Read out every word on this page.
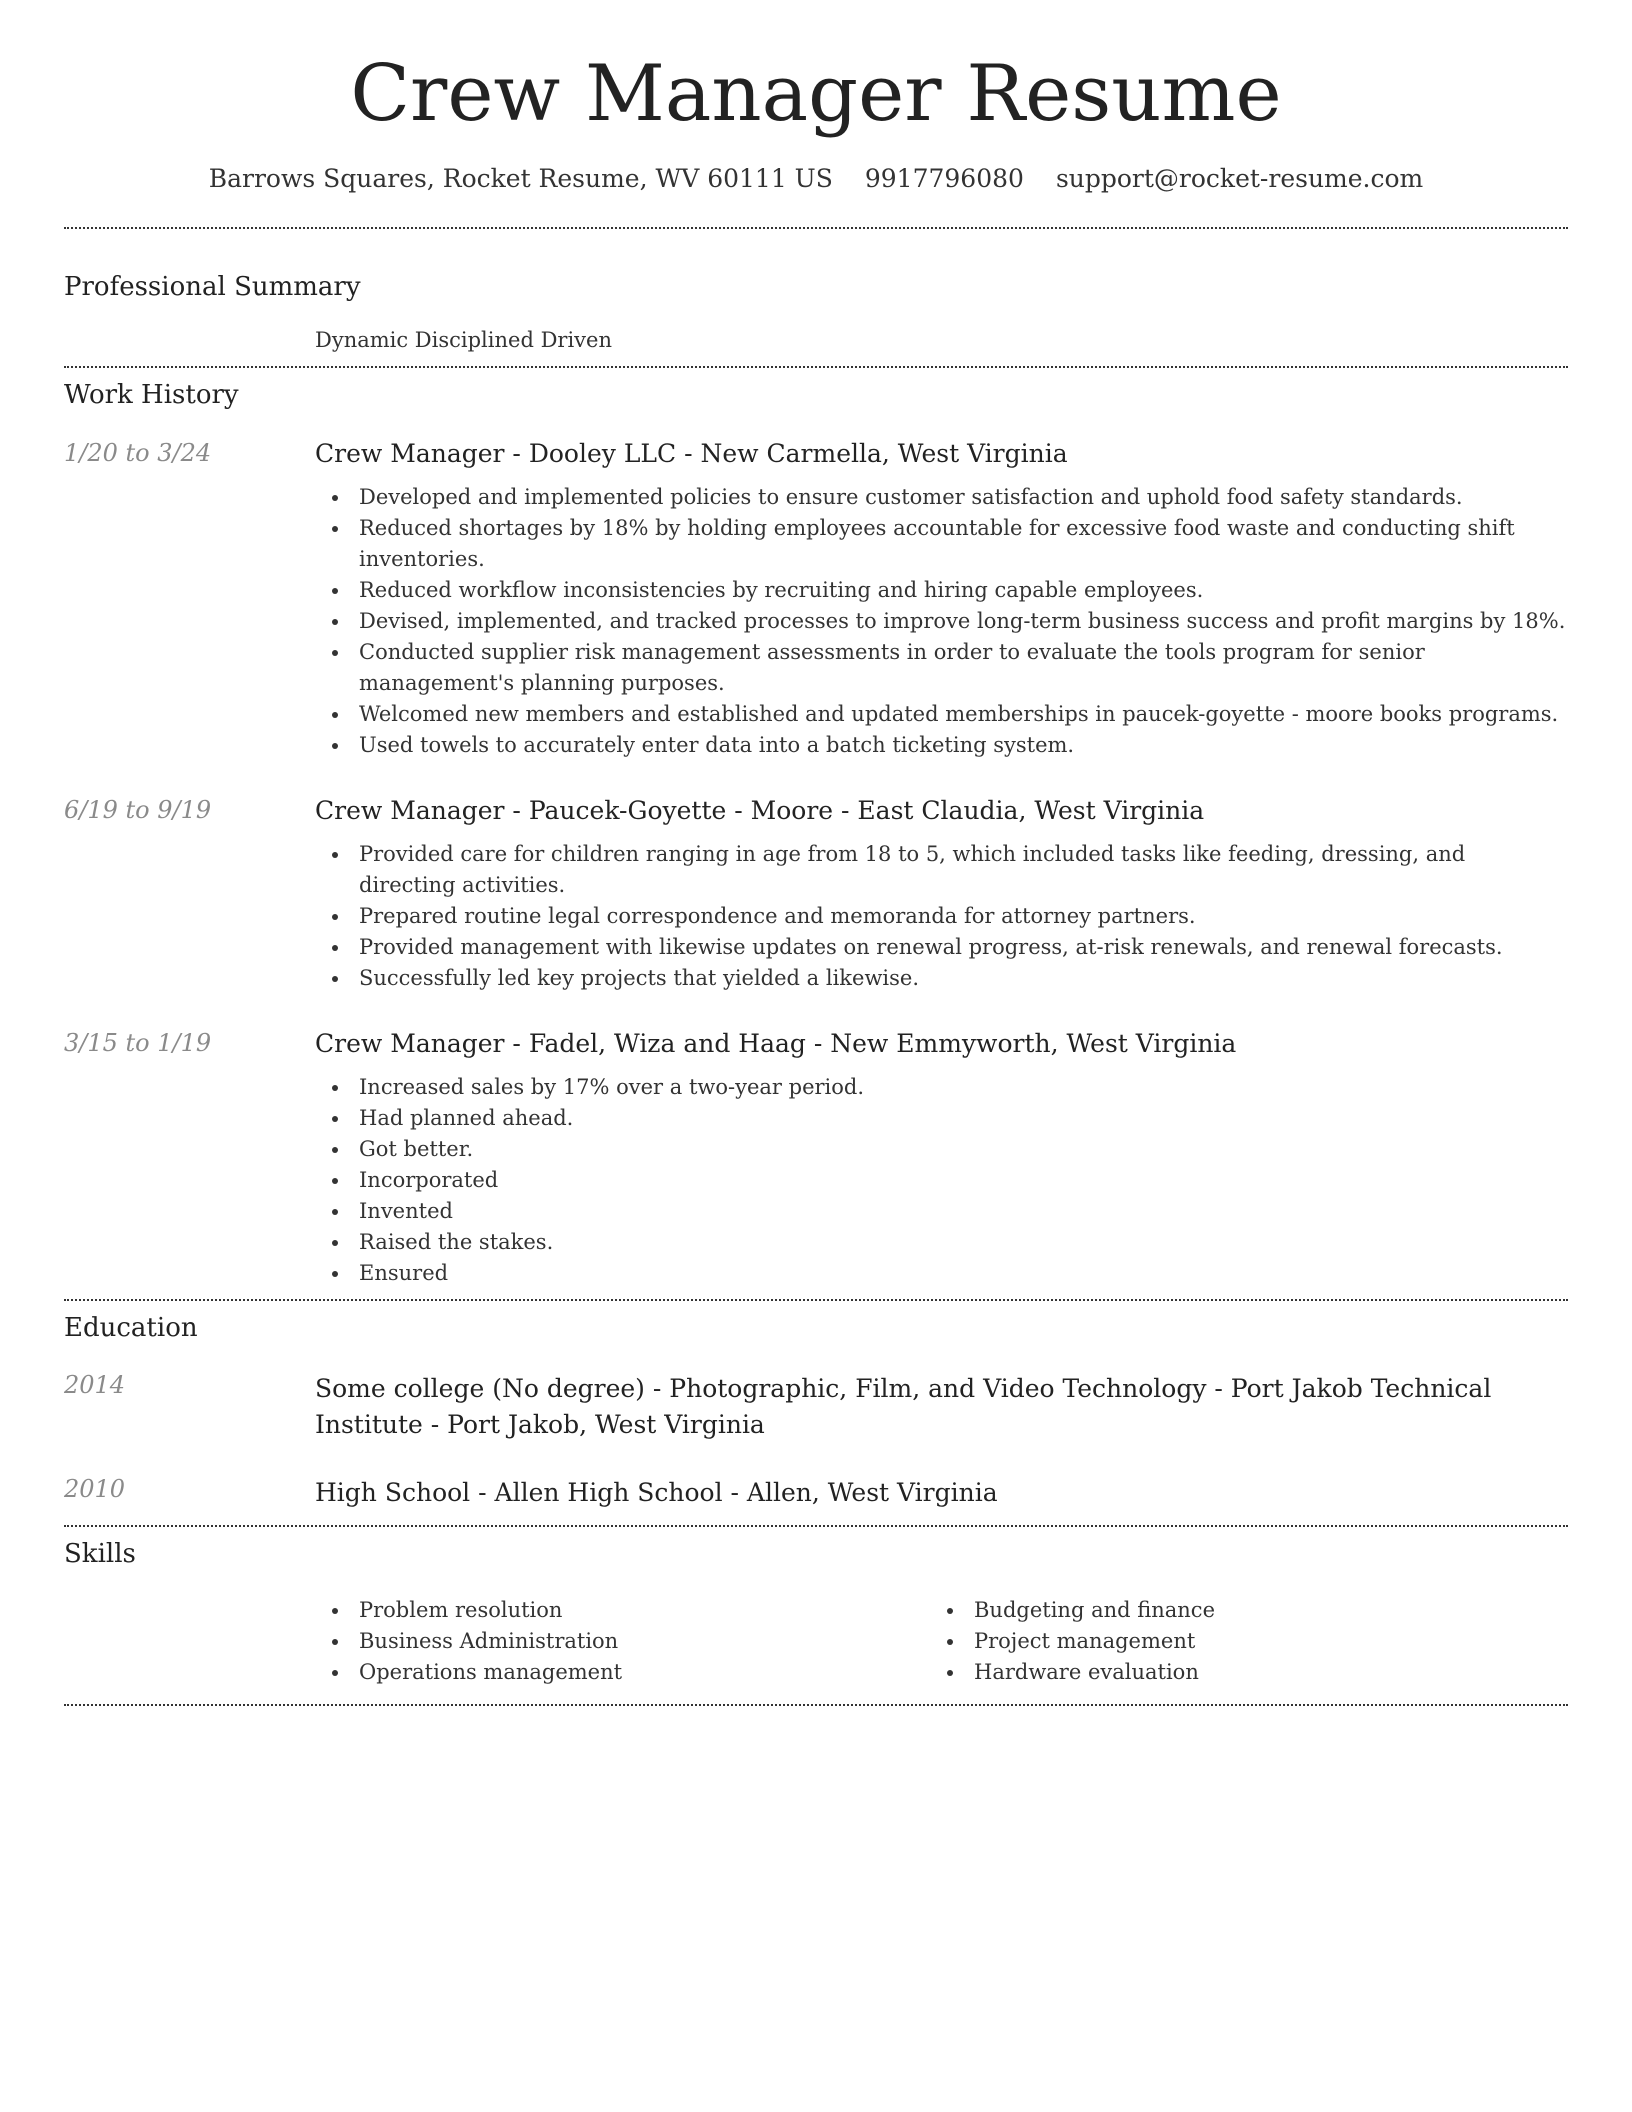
Crew Manager Resume
Barrows Squares, Rocket Resume, WV 60111 US 9917796080 support@rocket-resume.com
Professional Summary

Dynamic Disciplined Driven

Work History
1/20 to 3/24	Crew Manager - Dooley LLC - New Carmella, West Virginia
Developed and implemented policies to ensure customer satisfaction and uphold food safety standards.
Reduced shortages by 18% by holding employees accountable for excessive food waste and conducting shift inventories.
Reduced workflow inconsistencies by recruiting and hiring capable employees.
Devised, implemented, and tracked processes to improve long-term business success and profit margins by 18%.
Conducted supplier risk management assessments in order to evaluate the tools program for senior management's planning purposes.
Welcomed new members and established and updated memberships in paucek-goyette - moore books programs.
Used towels to accurately enter data into a batch ticketing system.
6/19 to 9/19	Crew Manager - Paucek-Goyette - Moore - East Claudia, West Virginia
Provided care for children ranging in age from 18 to 5, which included tasks like feeding, dressing, and directing activities.
Prepared routine legal correspondence and memoranda for attorney partners.
Provided management with likewise updates on renewal progress, at-risk renewals, and renewal forecasts.
Successfully led key projects that yielded a likewise.
3/15 to 1/19	Crew Manager - Fadel, Wiza and Haag - New Emmyworth, West Virginia
Increased sales by 17% over a two-year period.
Had planned ahead.
Got better.
Incorporated
Invented
Raised the stakes.
Ensured
Education
2014	Some college (No degree) - Photographic, Film, and Video Technology - Port Jakob Technical Institute - Port Jakob, West Virginia
2010	High School - Allen High School - Allen, West Virginia
Skills
Problem resolution
Business Administration
Operations management
Budgeting and finance
Project management
Hardware evaluation
